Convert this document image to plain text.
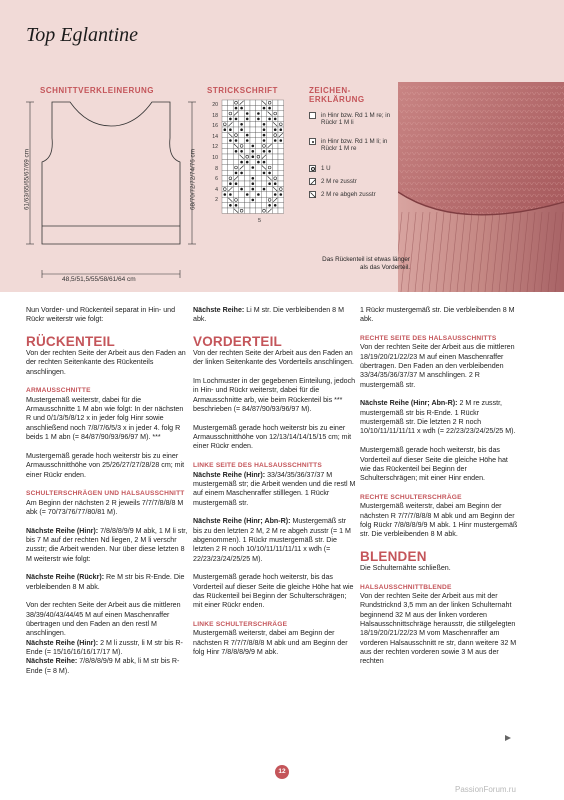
Top Eglantine
SCHNITTVERKLEINERUNG
48,5/51,5/55/58/61/64 cm
61/63/65/65/67/69 cm	68/70/72/72/74/76 cm
STRICKSCHRIFT
20
18
16
14
12
10
8
6
4
2
5
ZEICHEN-
ERKLÄRUNG
in Hinr bzw. Rd 1 M re; in Rückr 1 M li
in Hinr bzw. Rd 1 M li; in Rückr 1 M re
1 U
2 M re zusstr
2 M re abgeh zusstr
Das Rückenteil ist etwas länger als das Vorderteil.

Nun Vorder- und Rückenteil separat in Hin- und Rückr weiterstr wie folgt:

RÜCKENTEIL

Von der rechten Seite der Arbeit aus den Faden an der rechten Seitenkante des Rückenteils anschlingen.

ARMAUSSCHNITTE

Mustergemäß weiterstr, dabei für die Armausschnitte 1 M abn wie folgt: In der nächsten R und 0/1/3/5/8/12 x in jeder folg Hinr sowie anschließend noch 7/8/7/6/5/3 x in jeder 4. folg R beids 1 M abn (= 84/87/90/93/96/97 M). ***

Mustergemäß gerade hoch weiterstr bis zu einer Armausschnitthöhe von 25/26/27/27/28/28 cm; mit einer Rückr enden.

SCHULTERSCHRÄGEN UND HALSAUSSCHNITT

Am Beginn der nächsten 2 R jeweils 7/7/7/8/8/8 M abk (= 70/73/76/77/80/81 M).

Nächste Reihe (Hinr): 7/8/8/8/9/9 M abk, 1 M li str, bis 7 M auf der rechten Nd liegen, 2 M li verschr zusstr; die Arbeit wenden. Nur über diese letzten 8 M weiterstr wie folgt:

Nächste Reihe (Rückr): Re M str bis R-Ende. Die verbleibenden 8 M abk.

Von der rechten Seite der Arbeit aus die mittleren 38/39/40/43/44/45 M auf einen Maschenraffer übertragen und den Faden an den restl M anschlingen.

Nächste Reihe (Hinr): 2 M li zusstr, li M str bis R-Ende (= 15/16/16/16/17/17 M).

Nächste Reihe: 7/8/8/8/9/9 M abk, li M str bis R-Ende (= 8 M).

Nächste Reihe: Li M str. Die verbleibenden 8 M abk.

VORDERTEIL

Von der rechten Seite der Arbeit aus den Faden an der linken Seitenkante des Vorderteils anschlingen.

Im Lochmuster in der gegebenen Einteilung, jedoch in Hin- und Rückr weiterstr, dabei für die Armausschnitte arb, wie beim Rückenteil bis *** beschrieben (= 84/87/90/93/96/97 M).

Mustergemäß gerade hoch weiterstr bis zu einer Armausschnitthöhe von 12/13/14/14/15/15 cm; mit einer Rückr enden.

LINKE SEITE DES HALSAUSSCHNITTS

Nächste Reihe (Hinr): 33/34/35/36/37/37 M mustergemäß str; die Arbeit wenden und die restl M auf einem Maschenraffer stilllegen. 1 Rückr mustergemäß str.

Nächste Reihe (Hinr; Abn-R): Mustergemäß str bis zu den letzten 2 M, 2 M re abgeh zusstr (= 1 M abgenommen). 1 Rückr mustergemäß str. Die letzten 2 R noch 10/10/11/11/11/11 x wdh (= 22/23/23/24/25/25 M).

Mustergemäß gerade hoch weiterstr, bis das Vorderteil auf dieser Seite die gleiche Höhe hat wie das Rückenteil bei Beginn der Schulterschrägen; mit einer Rückr enden.

LINKE SCHULTERSCHRÄGE

Mustergemäß weiterstr, dabei am Beginn der nächsten R 7/7/7/8/8/8 M abk und am Beginn der folg Hinr 7/8/8/8/9/9 M abk.

1 Rückr mustergemäß str. Die verbleibenden 8 M abk.

RECHTE SEITE DES HALSAUSSCHNITTS

Von der rechten Seite der Arbeit aus die mittleren 18/19/20/21/22/23 M auf einen Maschenraffer übertragen. Den Faden an den verbleibenden 33/34/35/36/37/37 M anschlingen. 2 R mustergemäß str.

Nächste Reihe (Hinr; Abn-R): 2 M re zusstr, mustergemäß str bis R-Ende. 1 Rückr mustergemäß str. Die letzten 2 R noch 10/10/11/11/11/11 x wdh (= 22/23/23/24/25/25 M).

Mustergemäß gerade hoch weiterstr, bis das Vorderteil auf dieser Seite die gleiche Höhe hat wie das Rückenteil bei Beginn der Schulterschrägen; mit einer Hinr enden.

RECHTE SCHULTERSCHRÄGE

Mustergemäß weiterstr, dabei am Beginn der nächsten R 7/7/7/8/8/8 M abk und am Beginn der folg Rückr 7/8/8/8/9/9 M abk. 1 Hinr mustergemäß str. Die verbleibenden 8 M abk.

BLENDEN

Die Schulternähte schließen.

HALSAUSSCHNITTBLENDE

Von der rechten Seite der Arbeit aus mit der Rundstricknd 3,5 mm an der linken Schulternaht beginnend 32 M aus der linken vorderen Halsausschnittschräge herausstr, die stillgelegten 18/19/20/21/22/23 M vom Maschenraffer am vorderen Halsausschnitt re str, dann weitere 32 M aus der rechten vorderen sowie 3 M aus der rechten

12
PassionForum.ru
